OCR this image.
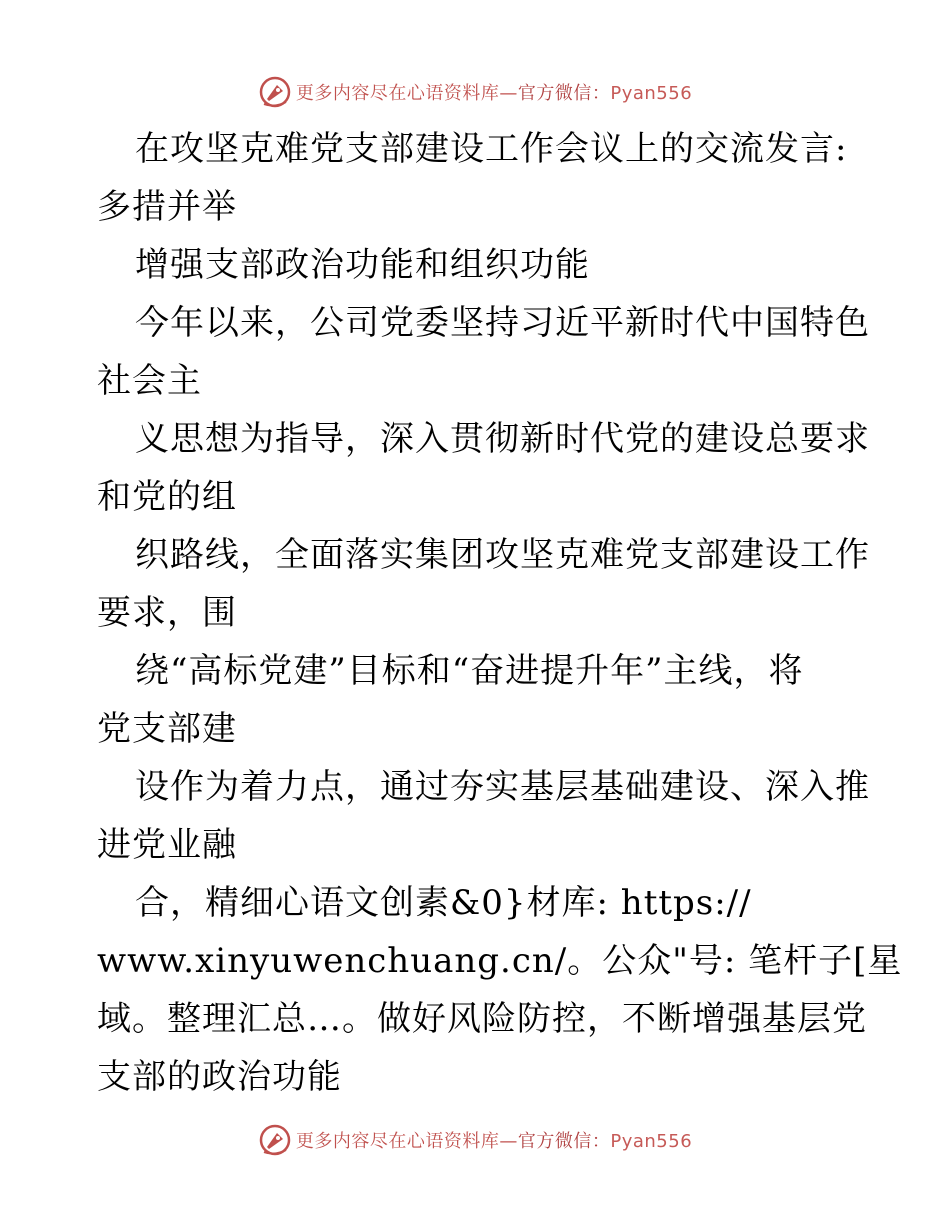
更多内容尽在心语资料库—官方微信：Pyan556
在攻坚克难党支部建设工作会议上的交流发言:
多措并举
增强支部政治功能和组织功能
今年以来，公司党委坚持习近平新时代中国特色
社会主
义思想为指导，深入贯彻新时代党的建设总要求
和党的组
织路线，全面落实集团攻坚克难党支部建设工作
要求，围
绕“高标党建”目标和“奋进提升年”主线，将
党支部建
设作为着力点，通过夯实基层基础建设、深入推
进党业融
合，精细心语文创素&0}材库: https://
www.xinyuwenchuang.cn/。公众"号: 笔杆子[星
域。整理汇总…。做好风险防控，不断增强基层党
支部的政治功能
更多内容尽在心语资料库—官方微信：Pyan556
